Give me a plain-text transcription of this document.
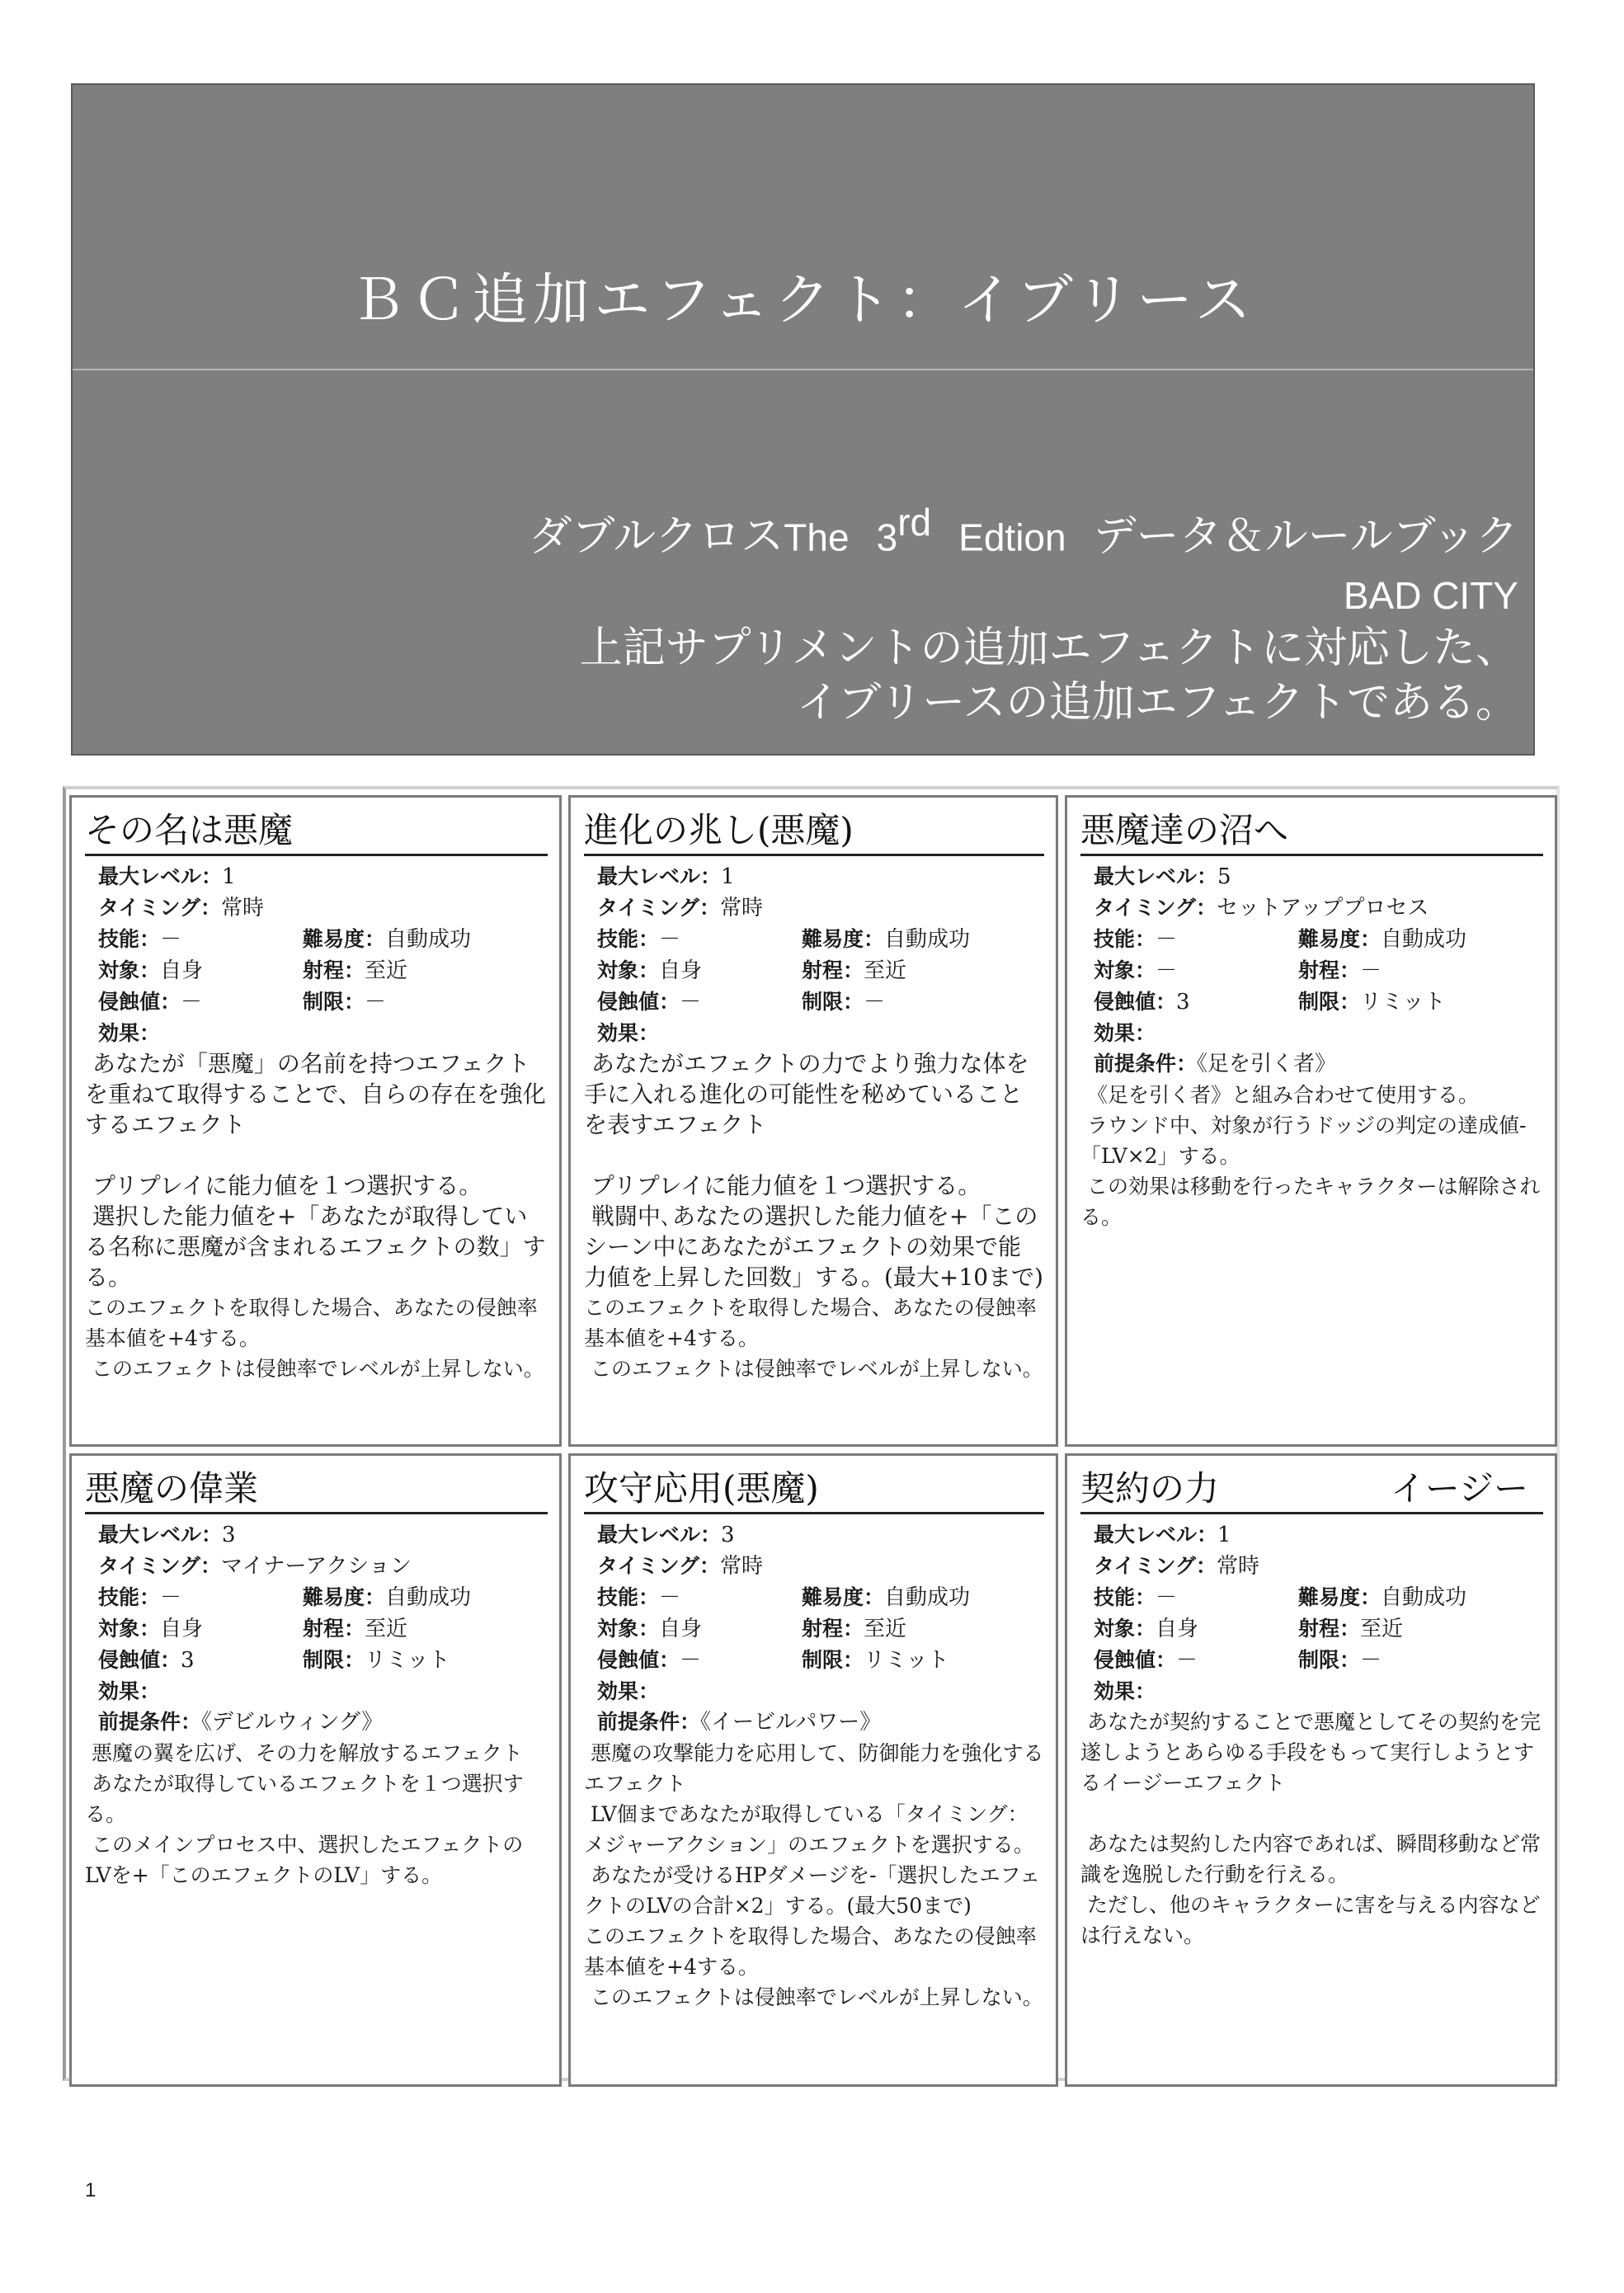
ＢＣ追加エフェクト：イブリース
ダブルクロスThe 3rd Edtion データ＆ルールブック
BAD CITY
上記サプリメントの追加エフェクトに対応した、
イブリースの追加エフェクトである。
その名は悪魔
最大レベル：1
タイミング：常時
技能：－	難易度：自動成功
対象：自身	射程：至近
侵蝕値：－	制限：－
効果：

あなたが「悪魔」の名前を持つエフェクトを重ねて取得することで、自らの存在を強化するエフェクト

プリプレイに能力値を１つ選択する。

選択した能力値を+「あなたが取得している名称に悪魔が含まれるエフェクトの数」する。

このエフェクトを取得した場合、あなたの侵蝕率基本値を+4する。

このエフェクトは侵蝕率でレベルが上昇しない。

進化の兆し(悪魔)
最大レベル：1
タイミング：常時
技能：－	難易度：自動成功
対象：自身	射程：至近
侵蝕値：－	制限：－
効果：

あなたがエフェクトの力でより強力な体を手に入れる進化の可能性を秘めていることを表すエフェクト

プリプレイに能力値を１つ選択する。

戦闘中､あなたの選択した能力値を+「このシーン中にあなたがエフェクトの効果で能力値を上昇した回数」する。(最大+10まで)

このエフェクトを取得した場合、あなたの侵蝕率基本値を+4する。

このエフェクトは侵蝕率でレベルが上昇しない。

悪魔達の沼へ
最大レベル：5
タイミング：セットアッププロセス
技能：－	難易度：自動成功
対象：－	射程：－
侵蝕値：3	制限：リミット
効果：
前提条件：《足を引く者》

《足を引く者》と組み合わせて使用する。

ラウンド中、対象が行うドッジの判定の達成値-「LV×2」する。

この効果は移動を行ったキャラクターは解除される。

悪魔の偉業
最大レベル：3
タイミング：マイナーアクション
技能：－	難易度：自動成功
対象：自身	射程：至近
侵蝕値：3	制限：リミット
効果：
前提条件：《デビルウィング》

悪魔の翼を広げ、その力を解放するエフェクト

あなたが取得しているエフェクトを１つ選択する。

このメインプロセス中、選択したエフェクトのLVを+「このエフェクトのLV」する。

攻守応用(悪魔)
最大レベル：3
タイミング：常時
技能：－	難易度：自動成功
対象：自身	射程：至近
侵蝕値：－	制限：リミット
効果：
前提条件：《イービルパワー》

悪魔の攻撃能力を応用して、防御能力を強化するエフェクト

LV個まであなたが取得している「タイミング：メジャーアクション」のエフェクトを選択する。

あなたが受けるHPダメージを-「選択したエフェクトのLVの合計×2」する。(最大50まで)

このエフェクトを取得した場合、あなたの侵蝕率基本値を+4する。

このエフェクトは侵蝕率でレベルが上昇しない。

契約の力	イージー
最大レベル：1
タイミング：常時
技能：－	難易度：自動成功
対象：自身	射程：至近
侵蝕値：－	制限：－
効果：

あなたが契約することで悪魔としてその契約を完遂しようとあらゆる手段をもって実行しようとするイージーエフェクト

あなたは契約した内容であれば、瞬間移動など常識を逸脱した行動を行える。

ただし、他のキャラクターに害を与える内容などは行えない。

1
